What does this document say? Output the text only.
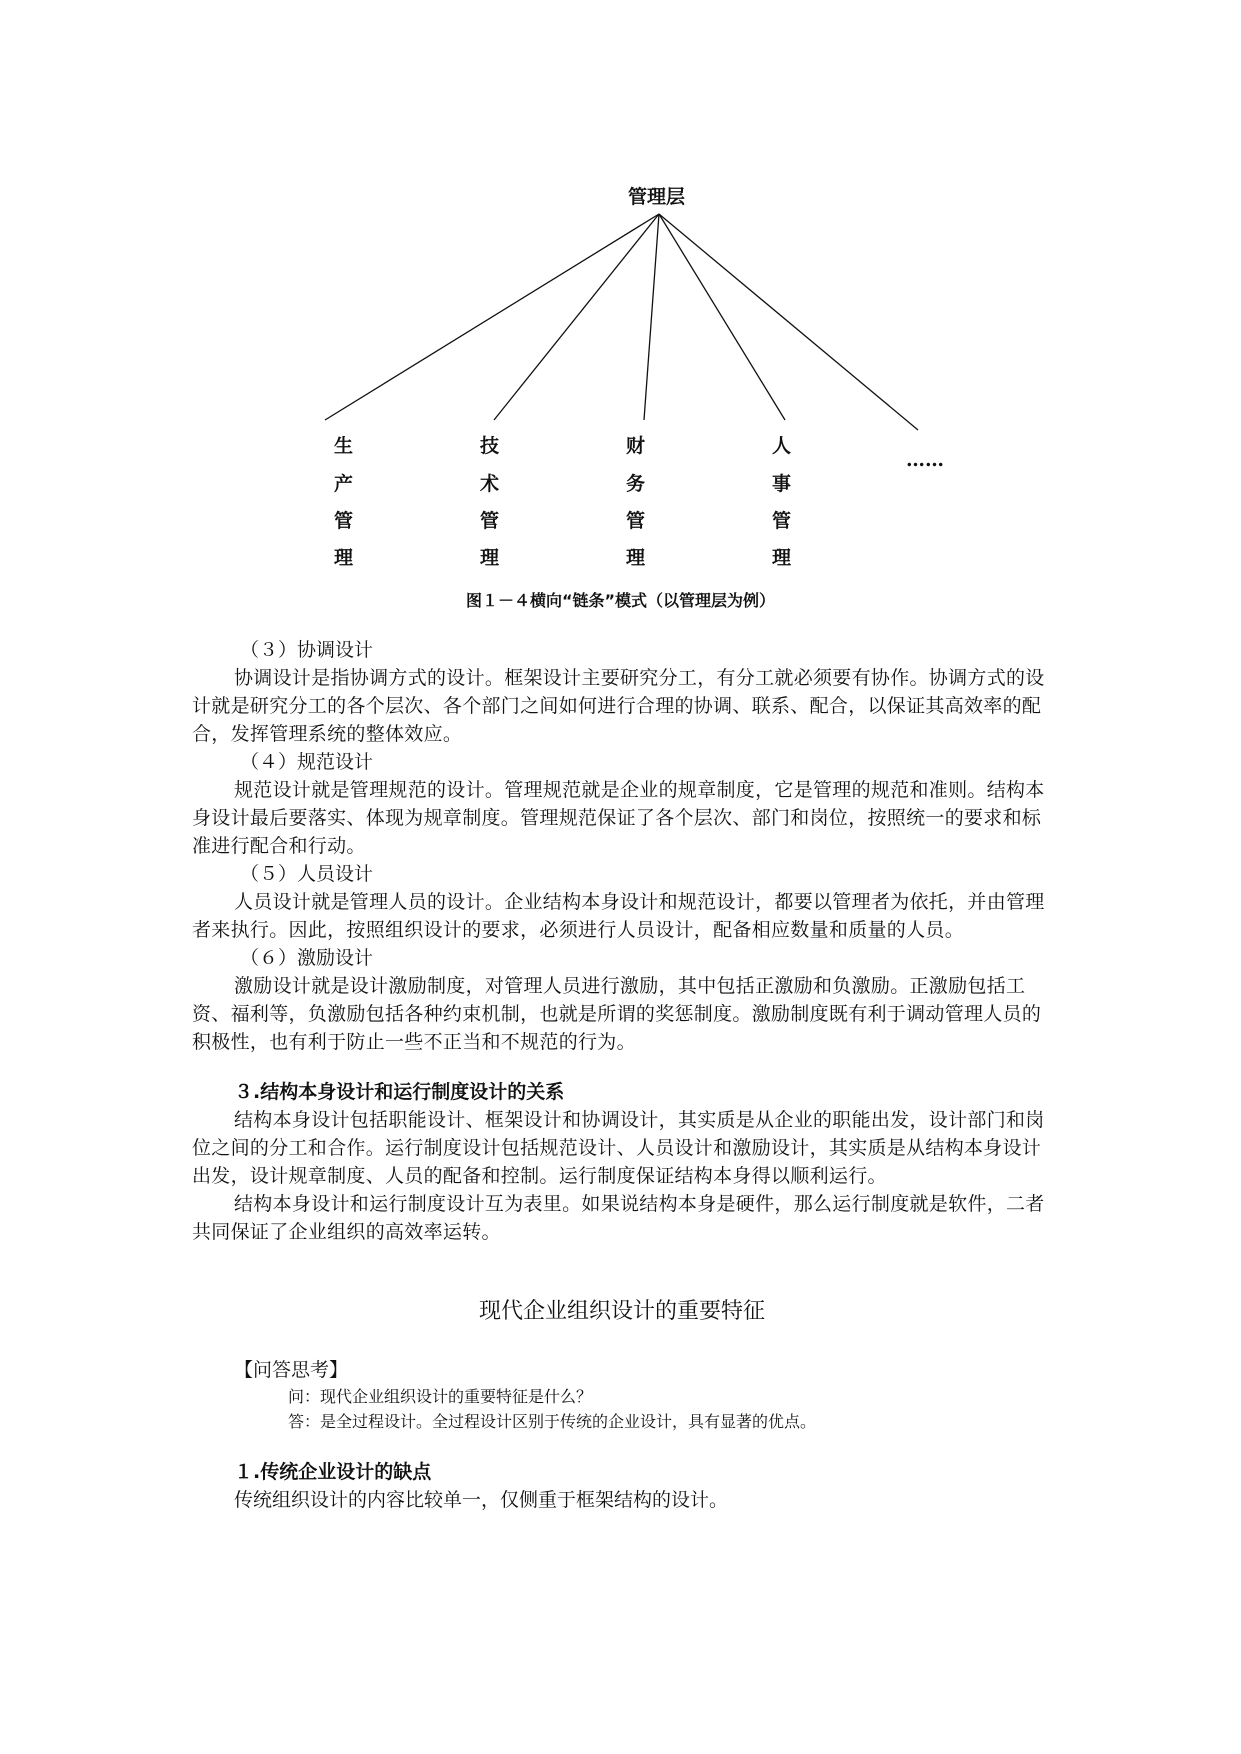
管理层
生
产
管
理
技
术
管
理
财
务
管
理
人
事
管
理
……
图１－４横向“链条”模式（以管理层为例）

（３）协调设计

协调设计是指协调方式的设计。框架设计主要研究分工，有分工就必须要有协作。协调方式的设计就是研究分工的各个层次、各个部门之间如何进行合理的协调、联系、配合，以保证其高效率的配合，发挥管理系统的整体效应。

（４）规范设计

规范设计就是管理规范的设计。管理规范就是企业的规章制度，它是管理的规范和准则。结构本身设计最后要落实、体现为规章制度。管理规范保证了各个层次、部门和岗位，按照统一的要求和标准进行配合和行动。

（５）人员设计

人员设计就是管理人员的设计。企业结构本身设计和规范设计，都要以管理者为依托，并由管理者来执行。因此，按照组织设计的要求，必须进行人员设计，配备相应数量和质量的人员。

（６）激励设计

激励设计就是设计激励制度，对管理人员进行激励，其中包括正激励和负激励。正激励包括工资、福利等，负激励包括各种约束机制，也就是所谓的奖惩制度。激励制度既有利于调动管理人员的积极性，也有利于防止一些不正当和不规范的行为。

３.结构本身设计和运行制度设计的关系

结构本身设计包括职能设计、框架设计和协调设计，其实质是从企业的职能出发，设计部门和岗位之间的分工和合作。运行制度设计包括规范设计、人员设计和激励设计，其实质是从结构本身设计出发，设计规章制度、人员的配备和控制。运行制度保证结构本身得以顺利运行。

结构本身设计和运行制度设计互为表里。如果说结构本身是硬件，那么运行制度就是软件，二者共同保证了企业组织的高效率运转。

现代企业组织设计的重要特征

【问答思考】

问：现代企业组织设计的重要特征是什么？

答：是全过程设计。全过程设计区别于传统的企业设计，具有显著的优点。

１.传统企业设计的缺点

传统组织设计的内容比较单一，仅侧重于框架结构的设计。
